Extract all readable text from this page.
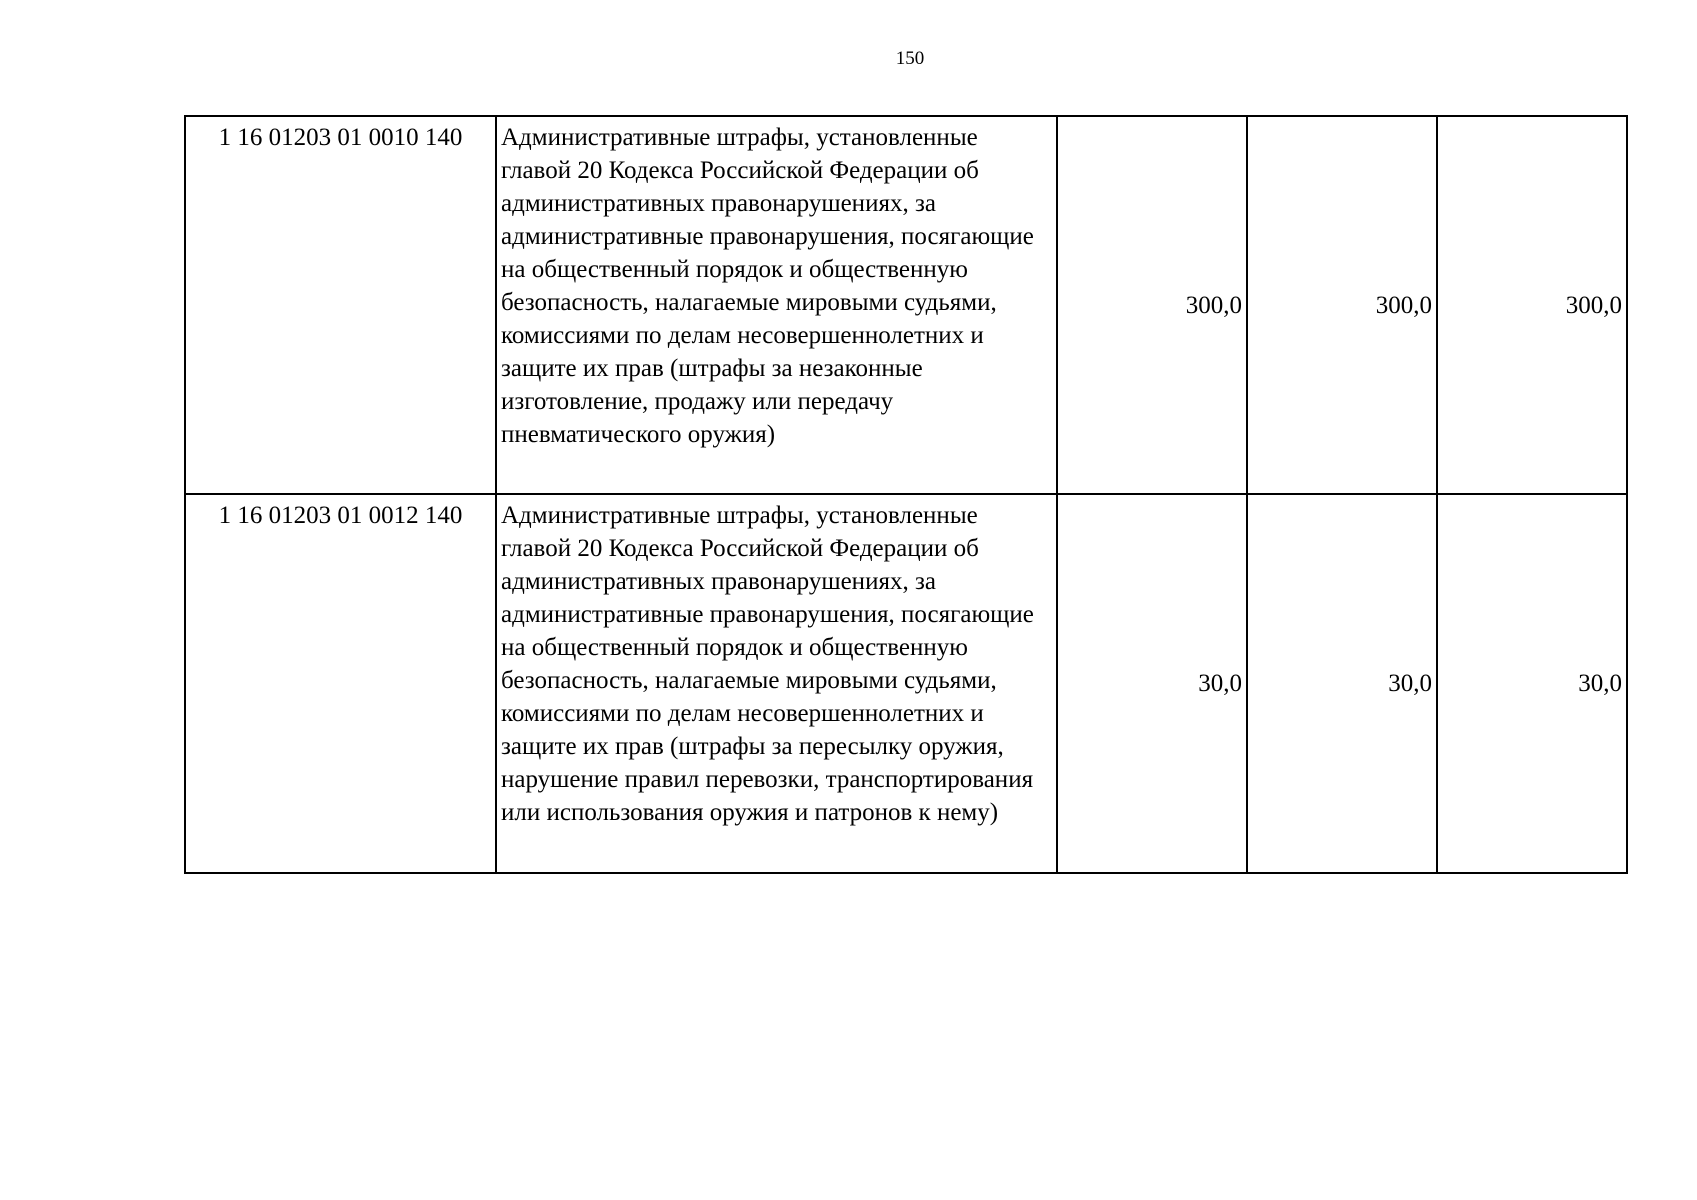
150
1 16 01203 01 0010 140	Административные штрафы, установленные главой 20 Кодекса Российской Федерации об административных правонарушениях, за административные правонарушения, посягающие на общественный порядок и общественную безопасность, налагаемые мировыми судьями, комиссиями по делам несовершеннолетних и защите их прав (штрафы за незаконные изготовление, продажу или передачу пневматического оружия)	300,0	300,0	300,0
1 16 01203 01 0012 140	Административные штрафы, установленные главой 20 Кодекса Российской Федерации об административных правонарушениях, за административные правонарушения, посягающие на общественный порядок и общественную безопасность, налагаемые мировыми судьями, комиссиями по делам несовершеннолетних и защите их прав (штрафы за пересылку оружия, нарушение правил перевозки, транспортирования или использования оружия и патронов к нему)	30,0	30,0	30,0
